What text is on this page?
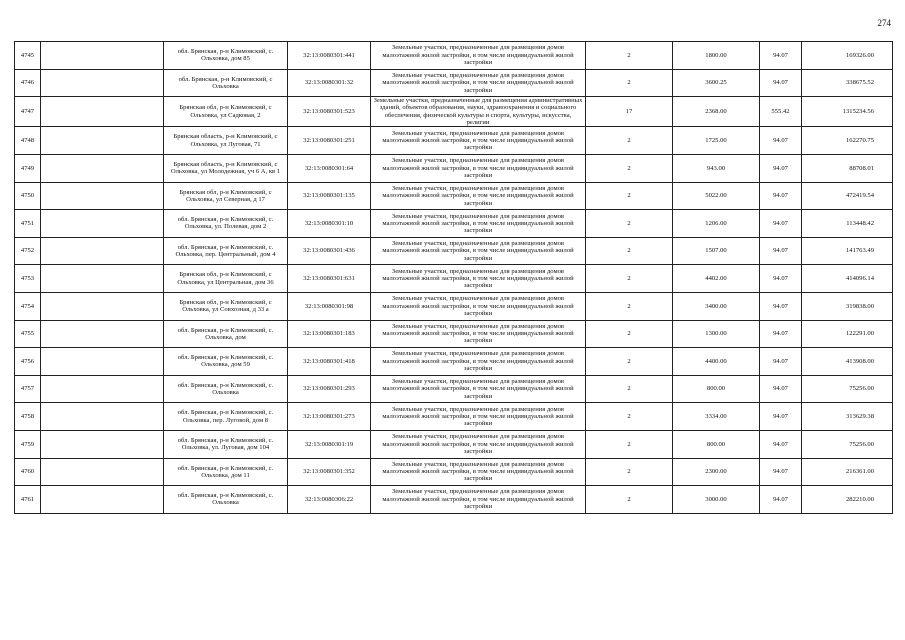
274
4745		обл. Брянская, р-н Климовский, с. Ольховка, дом 85	32:13:0080301:441	Земельные участки, предназначенные для размещения домов малоэтажной жилой застройки, в том числе индивидуальной жилой застройки	2	1800.00	94.07	169326.00
4746		обл. Брянская, р-н Климовский, с Ольховка	32:13:0080301:32	Земельные участки, предназначенные для размещения домов малоэтажной жилой застройки, в том числе индивидуальной жилой застройки	2	3600.25	94.07	338675.52
4747		Брянская обл, р-н Климовский, с Ольховка, ул Садковая, 2	32:13:0080301:523	Земельные участки, предназначенные для размещения административных зданий, объектов образования, науки, здравоохранения и социального обеспечения, физической культуры и спорта, культуры, искусства, религии	17	2368.00	555.42	1315234.56
4748		Брянская область, р-н Климовский, с Ольховка, ул Луговая, 71	32:13:0080301:251	Земельные участки, предназначенные для размещения домов малоэтажной жилой застройки, в том числе индивидуальной жилой застройки	2	1725.00	94.07	162270.75
4749		Брянская область, р-н Климовский, с Ольховка, ул Молодежная, уч 6 А, кв 1	32:13:0080301:64	Земельные участки, предназначенные для размещения домов малоэтажной жилой застройки, в том числе индивидуальной жилой застройки	2	943.00	94.07	88708.01
4750		Брянская обл, р-н Климовский, с Ольховка, ул Северная, д 17	32:13:0080301:135	Земельные участки, предназначенные для размещения домов малоэтажной жилой застройки, в том числе индивидуальной жилой застройки	2	5022.00	94.07	472419.54
4751		обл. Брянская, р-н Климовский, с. Ольховка, ул. Полевая, дом 2	32:13:0080301:10	Земельные участки, предназначенные для размещения домов малоэтажной жилой застройки, в том числе индивидуальной жилой застройки	2	1206.00	94.07	113448.42
4752		обл. Брянская, р-н Климовский, с. Ольховка, пер. Центральный, дом 4	32:13:0080301:436	Земельные участки, предназначенные для размещения домов малоэтажной жилой застройки, в том числе индивидуальной жилой застройки	2	1507.00	94.07	141763.49
4753		Брянская обл, р-н Климовский, с Ольховка, ул Центральная, дом 36	32:13:0080301:631	Земельные участки, предназначенные для размещения домов малоэтажной жилой застройки, в том числе индивидуальной жилой застройки	2	4402.00	94.07	414096.14
4754		Брянская обл, р-н Климовский, с Ольховка, ул Совхозная, д 33 а	32:13:0080301:98	Земельные участки, предназначенные для размещения домов малоэтажной жилой застройки, в том числе индивидуальной жилой застройки	2	3400.00	94.07	319838.00
4755		обл. Брянская, р-н Климовский, с. Ольховка, дом	32:13:0080301:183	Земельные участки, предназначенные для размещения домов малоэтажной жилой застройки, в том числе индивидуальной жилой застройки	2	1300.00	94.07	122291.00
4756		обл. Брянская, р-н Климовский, с. Ольховка, дом 59	32:13:0080301:418	Земельные участки, предназначенные для размещения домов малоэтажной жилой застройки, в том числе индивидуальной жилой застройки	2	4400.00	94.07	413908.00
4757		обл. Брянская, р-н Климовский, с. Ольховка	32:13:0080301:293	Земельные участки, предназначенные для размещения домов малоэтажной жилой застройки, в том числе индивидуальной жилой застройки	2	800.00	94.07	75256.00
4758		обл. Брянская, р-н Климовский, с. Ольховка, пер. Луговой, дом 8	32:13:0080301:273	Земельные участки, предназначенные для размещения домов малоэтажной жилой застройки, в том числе индивидуальной жилой застройки	2	3334.00	94.07	313629.38
4759		обл. Брянская, р-н Климовский, с. Ольховка, ул. Луговая, дом 104	32:13:0080301:19	Земельные участки, предназначенные для размещения домов малоэтажной жилой застройки, в том числе индивидуальной жилой застройки	2	800.00	94.07	75256.00
4760		обл. Брянская, р-н Климовский, с. Ольховка, дом 11	32:13:0080301:352	Земельные участки, предназначенные для размещения домов малоэтажной жилой застройки, в том числе индивидуальной жилой застройки	2	2300.00	94.07	216361.00
4761		обл. Брянская, р-н Климовский, с. Ольховка	32:13:0080306:22	Земельные участки, предназначенные для размещения домов малоэтажной жилой застройки, в том числе индивидуальной жилой застройки	2	3000.00	94.07	282210.00
